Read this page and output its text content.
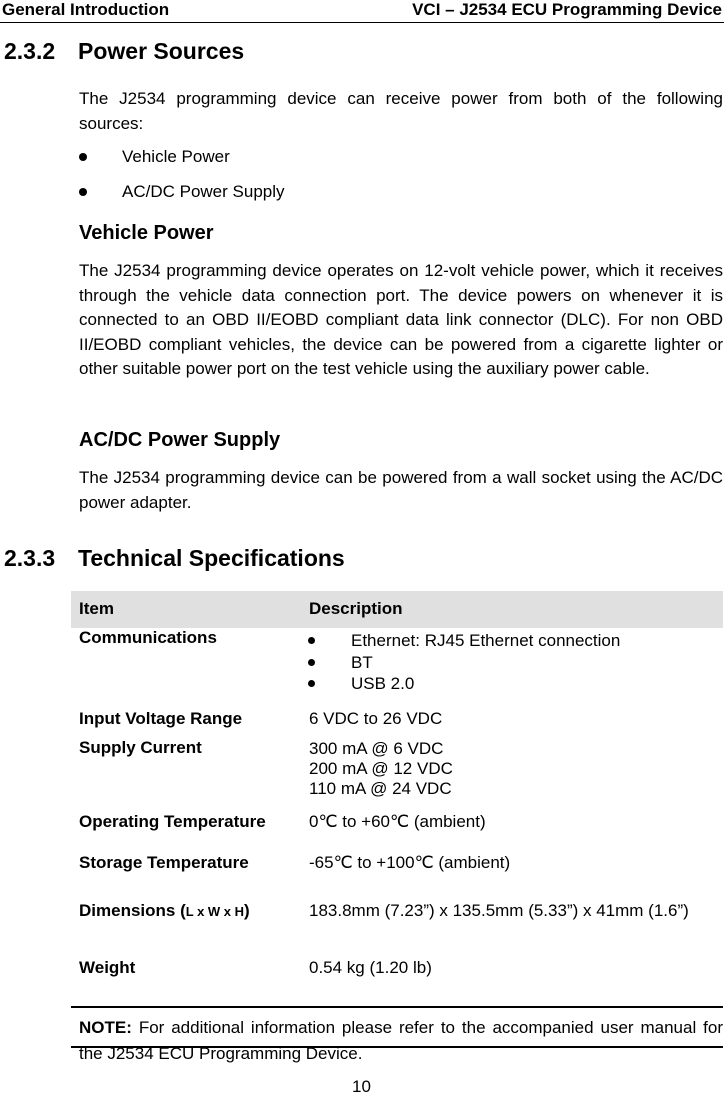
General Introduction	VCI – J2534 ECU Programming Device
2.3.2 Power Sources
The J2534 programming device can receive power from both of the following sources:
Vehicle Power
AC/DC Power Supply
Vehicle Power
The J2534 programming device operates on 12-volt vehicle power, which it receives through the vehicle data connection port. The device powers on whenever it is connected to an OBD II/EOBD compliant data link connector (DLC). For non OBD II/EOBD compliant vehicles, the device can be powered from a cigarette lighter or other suitable power port on the test vehicle using the auxiliary power cable.
AC/DC Power Supply
The J2534 programming device can be powered from a wall socket using the AC/DC power adapter.
2.3.3 Technical Specifications
Item	Description
Communications	Ethernet: RJ45 Ethernet connection
BT
USB 2.0
Input Voltage Range	6 VDC to 26 VDC
Supply Current	300 mA @ 6 VDC
200 mA @ 12 VDC
110 mA @ 24 VDC
Operating Temperature	0℃ to +60℃ (ambient)
Storage Temperature	-65℃ to +100℃ (ambient)
Dimensions (L x W x H)	183.8mm (7.23”) x 135.5mm (5.33”) x 41mm (1.6”)
Weight	0.54 kg (1.20 lb)
NOTE: For additional information please refer to the accompanied user manual for the J2534 ECU Programming Device.
10
